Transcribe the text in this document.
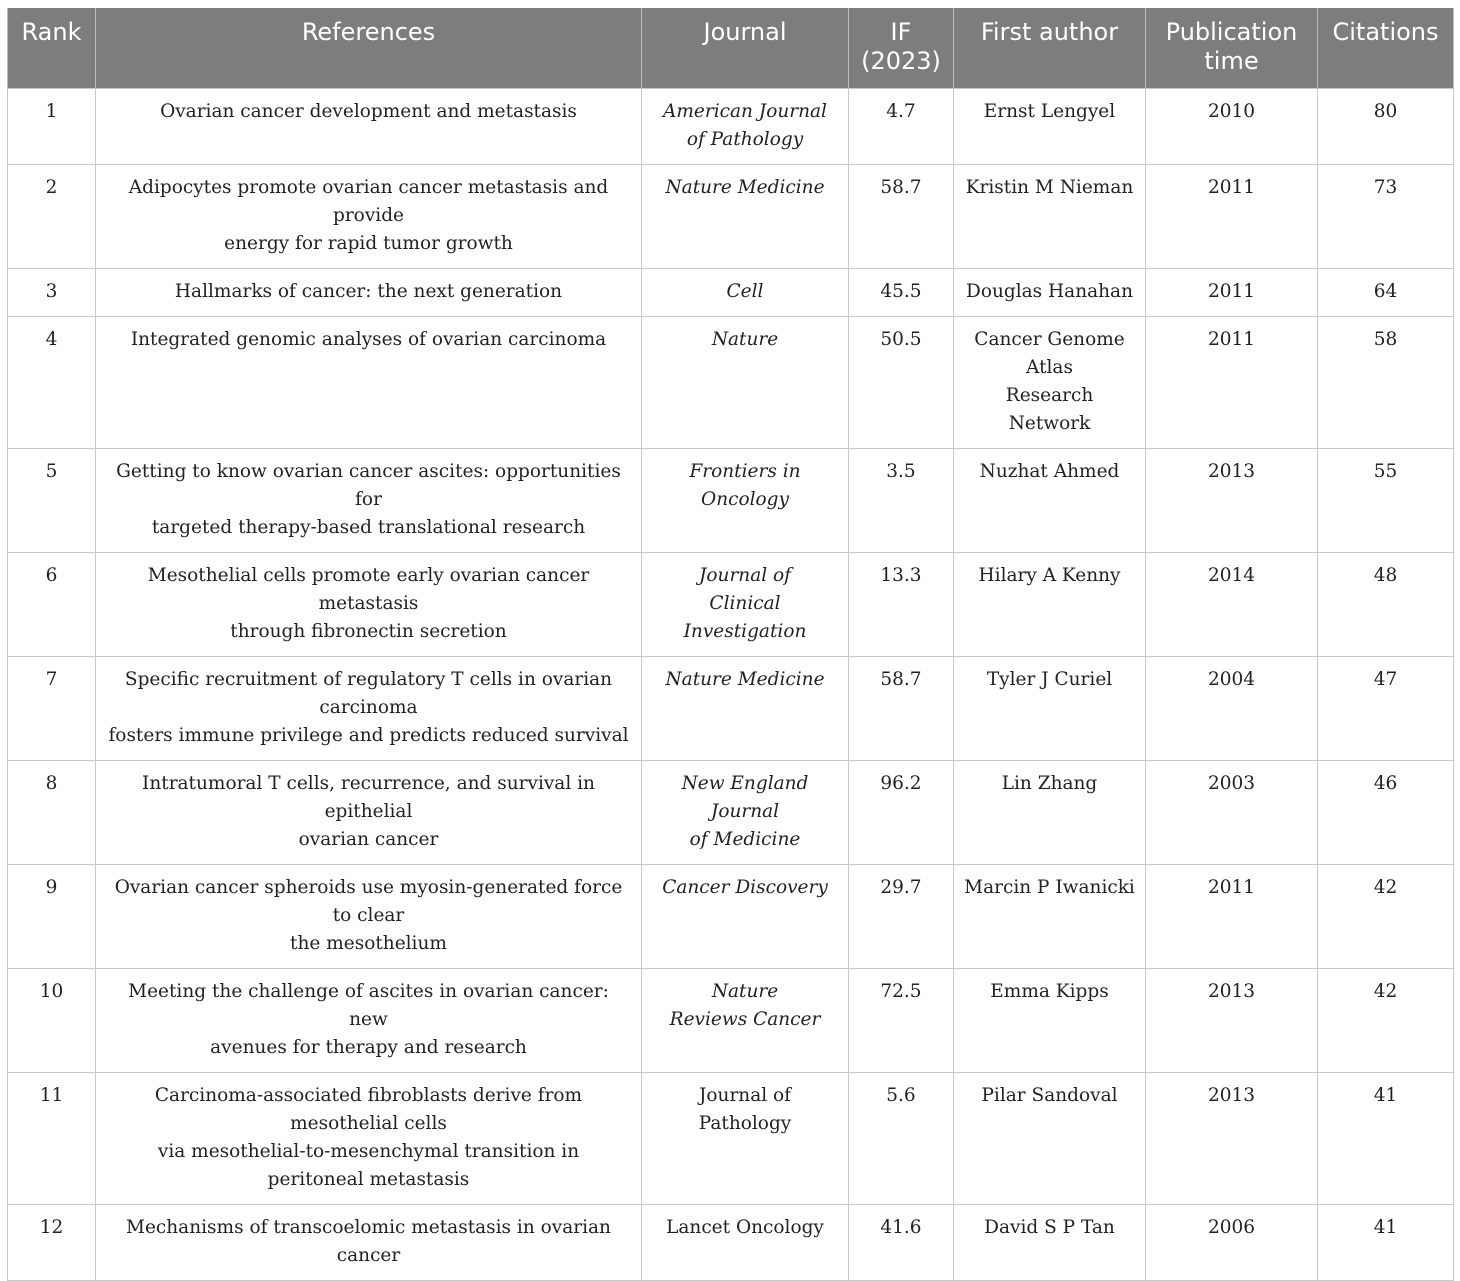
Rank	References	Journal	IF (2023)	First author	Publication time	Citations
1	Ovarian cancer development and metastasis	American Journal
of Pathology	4.7	Ernst Lengyel	2010	80
2	Adipocytes promote ovarian cancer metastasis and provide
energy for rapid tumor growth	Nature Medicine	58.7	Kristin M Nieman	2011	73
3	Hallmarks of cancer: the next generation	Cell	45.5	Douglas Hanahan	2011	64
4	Integrated genomic analyses of ovarian carcinoma	Nature	50.5	Cancer Genome
Atlas
Research Network	2011	58
5	Getting to know ovarian cancer ascites: opportunities for
targeted therapy-based translational research	Frontiers in Oncology	3.5	Nuzhat Ahmed	2013	55
6	Mesothelial cells promote early ovarian cancer metastasis
through fibronectin secretion	Journal of
Clinical Investigation	13.3	Hilary A Kenny	2014	48
7	Specific recruitment of regulatory T cells in ovarian carcinoma
fosters immune privilege and predicts reduced survival	Nature Medicine	58.7	Tyler J Curiel	2004	47
8	Intratumoral T cells, recurrence, and survival in epithelial
ovarian cancer	New England Journal
of Medicine	96.2	Lin Zhang	2003	46
9	Ovarian cancer spheroids use myosin-generated force to clear
the mesothelium	Cancer Discovery	29.7	Marcin P Iwanicki	2011	42
10	Meeting the challenge of ascites in ovarian cancer: new
avenues for therapy and research	Nature
Reviews Cancer	72.5	Emma Kipps	2013	42
11	Carcinoma-associated fibroblasts derive from mesothelial cells
via mesothelial-to-mesenchymal transition in
peritoneal metastasis	Journal of Pathology	5.6	Pilar Sandoval	2013	41
12	Mechanisms of transcoelomic metastasis in ovarian cancer	Lancet Oncology	41.6	David S P Tan	2006	41
